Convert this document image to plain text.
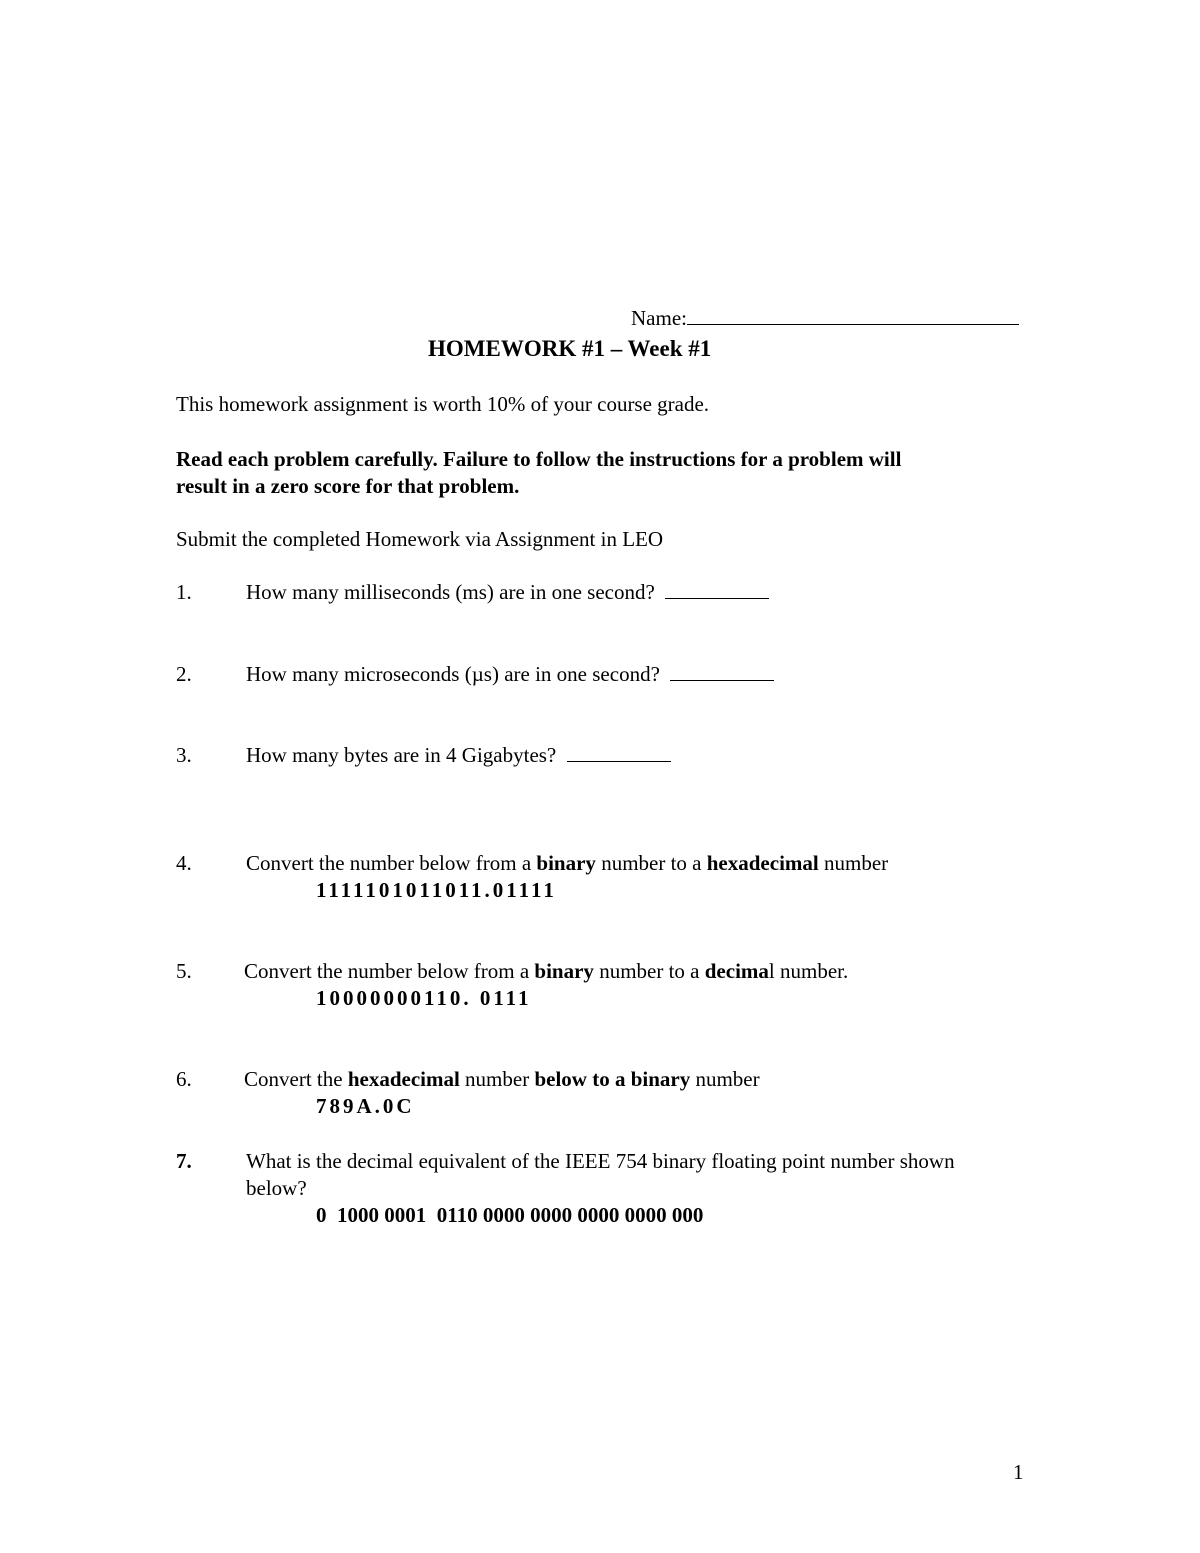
Name:
HOMEWORK #1 – Week #1
This homework assignment is worth 10% of your course grade.
Read each problem carefully. Failure to follow the instructions for a problem will
result in a zero score for that problem.
Submit the completed Homework via Assignment in LEO
1.	How many milliseconds (ms) are in one second?
2.	How many microseconds (µs) are in one second?
3.	How many bytes are in 4 Gigabytes?
4.	Convert the number below from a binary number to a hexadecimal number
1111101011011.01111
5. Convert the number below from a binary number to a decimal number.
10000000110. 0111
6. Convert the hexadecimal number below to a binary number
789A.0C
7.	What is the decimal equivalent of the IEEE 754 binary floating point number shown
below?
0  1000 0001  0110 0000 0000 0000 0000 000
1
